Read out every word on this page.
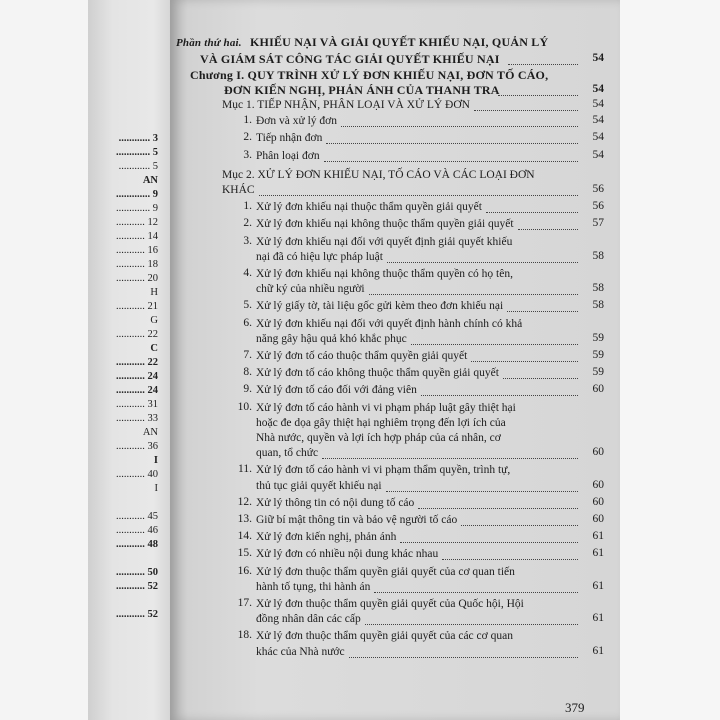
............ 3
............. 5
............ 5
AN
............. 9
............. 9
........... 12
........... 14
........... 16
........... 18
........... 20
H
........... 21
G
........... 22
C
........... 22
........... 24
........... 24
........... 31
........... 33
AN
........... 36
I
........... 40
I
........... 45
........... 46
........... 48
........... 50
........... 52
........... 52
Phần thứ hai. KHIẾU NẠI VÀ GIẢI QUYẾT KHIẾU NẠI, QUẢN LÝ
VÀ GIÁM SÁT CÔNG TÁC GIẢI QUYẾT KHIẾU NẠI	54
Chương I. QUY TRÌNH XỬ LÝ ĐƠN KHIẾU NẠI, ĐƠN TỐ CÁO,
ĐƠN KIẾN NGHỊ, PHẢN ÁNH CỦA THANH TRA	54
Mục 1. TIẾP NHẬN, PHÂN LOẠI VÀ XỬ LÝ ĐƠN	54
1. Đơn và xử lý đơn	54
2. Tiếp nhận đơn	54
3. Phân loại đơn	54
Mục 2. XỬ LÝ ĐƠN KHIẾU NẠI, TỐ CÁO VÀ CÁC LOẠI ĐƠN
KHÁC	56
1. Xử lý đơn khiếu nại thuộc thẩm quyền giải quyết	56
2. Xử lý đơn khiếu nại không thuộc thẩm quyền giải quyết	57
3. Xử lý đơn khiếu nại đối với quyết định giải quyết khiếu
nại đã có hiệu lực pháp luật	58
4. Xử lý đơn khiếu nại không thuộc thẩm quyền có họ tên,
chữ ký của nhiều người	58
5. Xử lý giấy tờ, tài liệu gốc gửi kèm theo đơn khiếu nại	58
6. Xử lý đơn khiếu nại đối với quyết định hành chính có khả
năng gây hậu quả khó khắc phục	59
7. Xử lý đơn tố cáo thuộc thẩm quyền giải quyết	59
8. Xử lý đơn tố cáo không thuộc thẩm quyền giải quyết	59
9. Xử lý đơn tố cáo đối với đảng viên	60
10. Xử lý đơn tố cáo hành vi vi phạm pháp luật gây thiệt hại
hoặc đe dọa gây thiệt hại nghiêm trọng đến lợi ích của
Nhà nước, quyền và lợi ích hợp pháp của cá nhân, cơ
quan, tổ chức	60
11. Xử lý đơn tố cáo hành vi vi phạm thẩm quyền, trình tự,
thủ tục giải quyết khiếu nại	60
12. Xử lý thông tin có nội dung tố cáo	60
13. Giữ bí mật thông tin và bảo vệ người tố cáo	60
14. Xử lý đơn kiến nghị, phản ánh	61
15. Xử lý đơn có nhiều nội dung khác nhau	61
16. Xử lý đơn thuộc thẩm quyền giải quyết của cơ quan tiến
hành tố tụng, thi hành án	61
17. Xử lý đơn thuộc thẩm quyền giải quyết của Quốc hội, Hội
đồng nhân dân các cấp	61
18. Xử lý đơn thuộc thẩm quyền giải quyết của các cơ quan
khác của Nhà nước	61
379
